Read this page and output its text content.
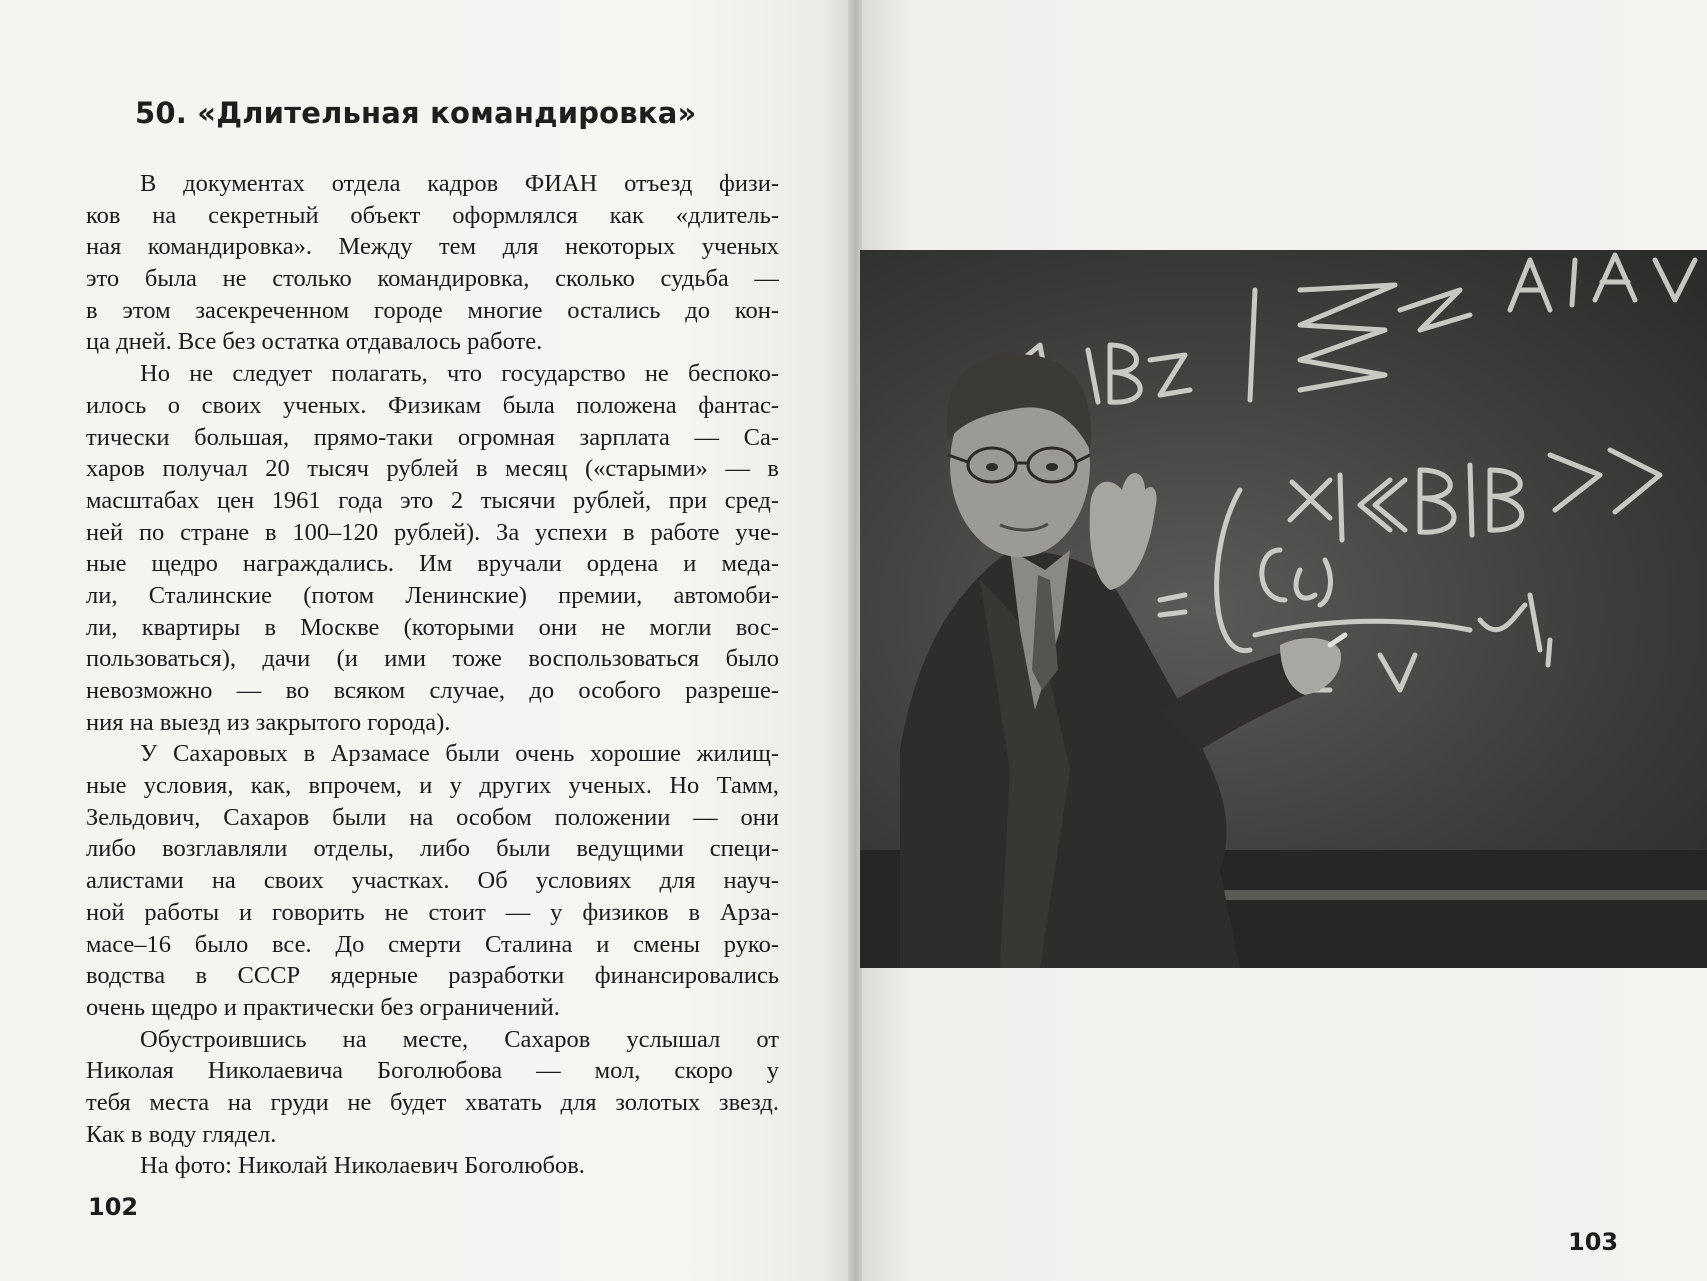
50. «Длительная командировка»
В документах отдела кадров ФИАН отъезд физи-
ков на секретный объект оформлялся как «длитель-
ная командировка». Между тем для некоторых ученых
это была не столько командировка, сколько судьба —
в этом засекреченном городе многие остались до кон-
ца дней. Все без остатка отдавалось работе.
Но не следует полагать, что государство не беспоко-
илось о своих ученых. Физикам была положена фантас-
тически большая, прямо-таки огромная зарплата — Са-
харов получал 20 тысяч рублей в месяц («старыми» — в
масштабах цен 1961 года это 2 тысячи рублей, при сред-
ней по стране в 100–120 рублей). За успехи в работе уче-
ные щедро награждались. Им вручали ордена и меда-
ли, Сталинские (потом Ленинские) премии, автомоби-
ли, квартиры в Москве (которыми они не могли вос-
пользоваться), дачи (и ими тоже воспользоваться было
невозможно — во всяком случае, до особого разреше-
ния на выезд из закрытого города).
У Сахаровых в Арзамасе были очень хорошие жилищ-
ные условия, как, впрочем, и у других ученых. Но Тамм,
Зельдович, Сахаров были на особом положении — они
либо возглавляли отделы, либо были ведущими специ-
алистами на своих участках. Об условиях для науч-
ной работы и говорить не стоит — у физиков в Арза-
масе–16 было все. До смерти Сталина и смены руко-
водства в СССР ядерные разработки финансировались
очень щедро и практически без ограничений.
Обустроившись на месте, Сахаров услышал от
Николая Николаевича Боголюбова — мол, скоро у
тебя места на груди не будет хватать для золотых звезд.
Как в воду глядел.
На фото: Николай Николаевич Боголюбов.
102
103
